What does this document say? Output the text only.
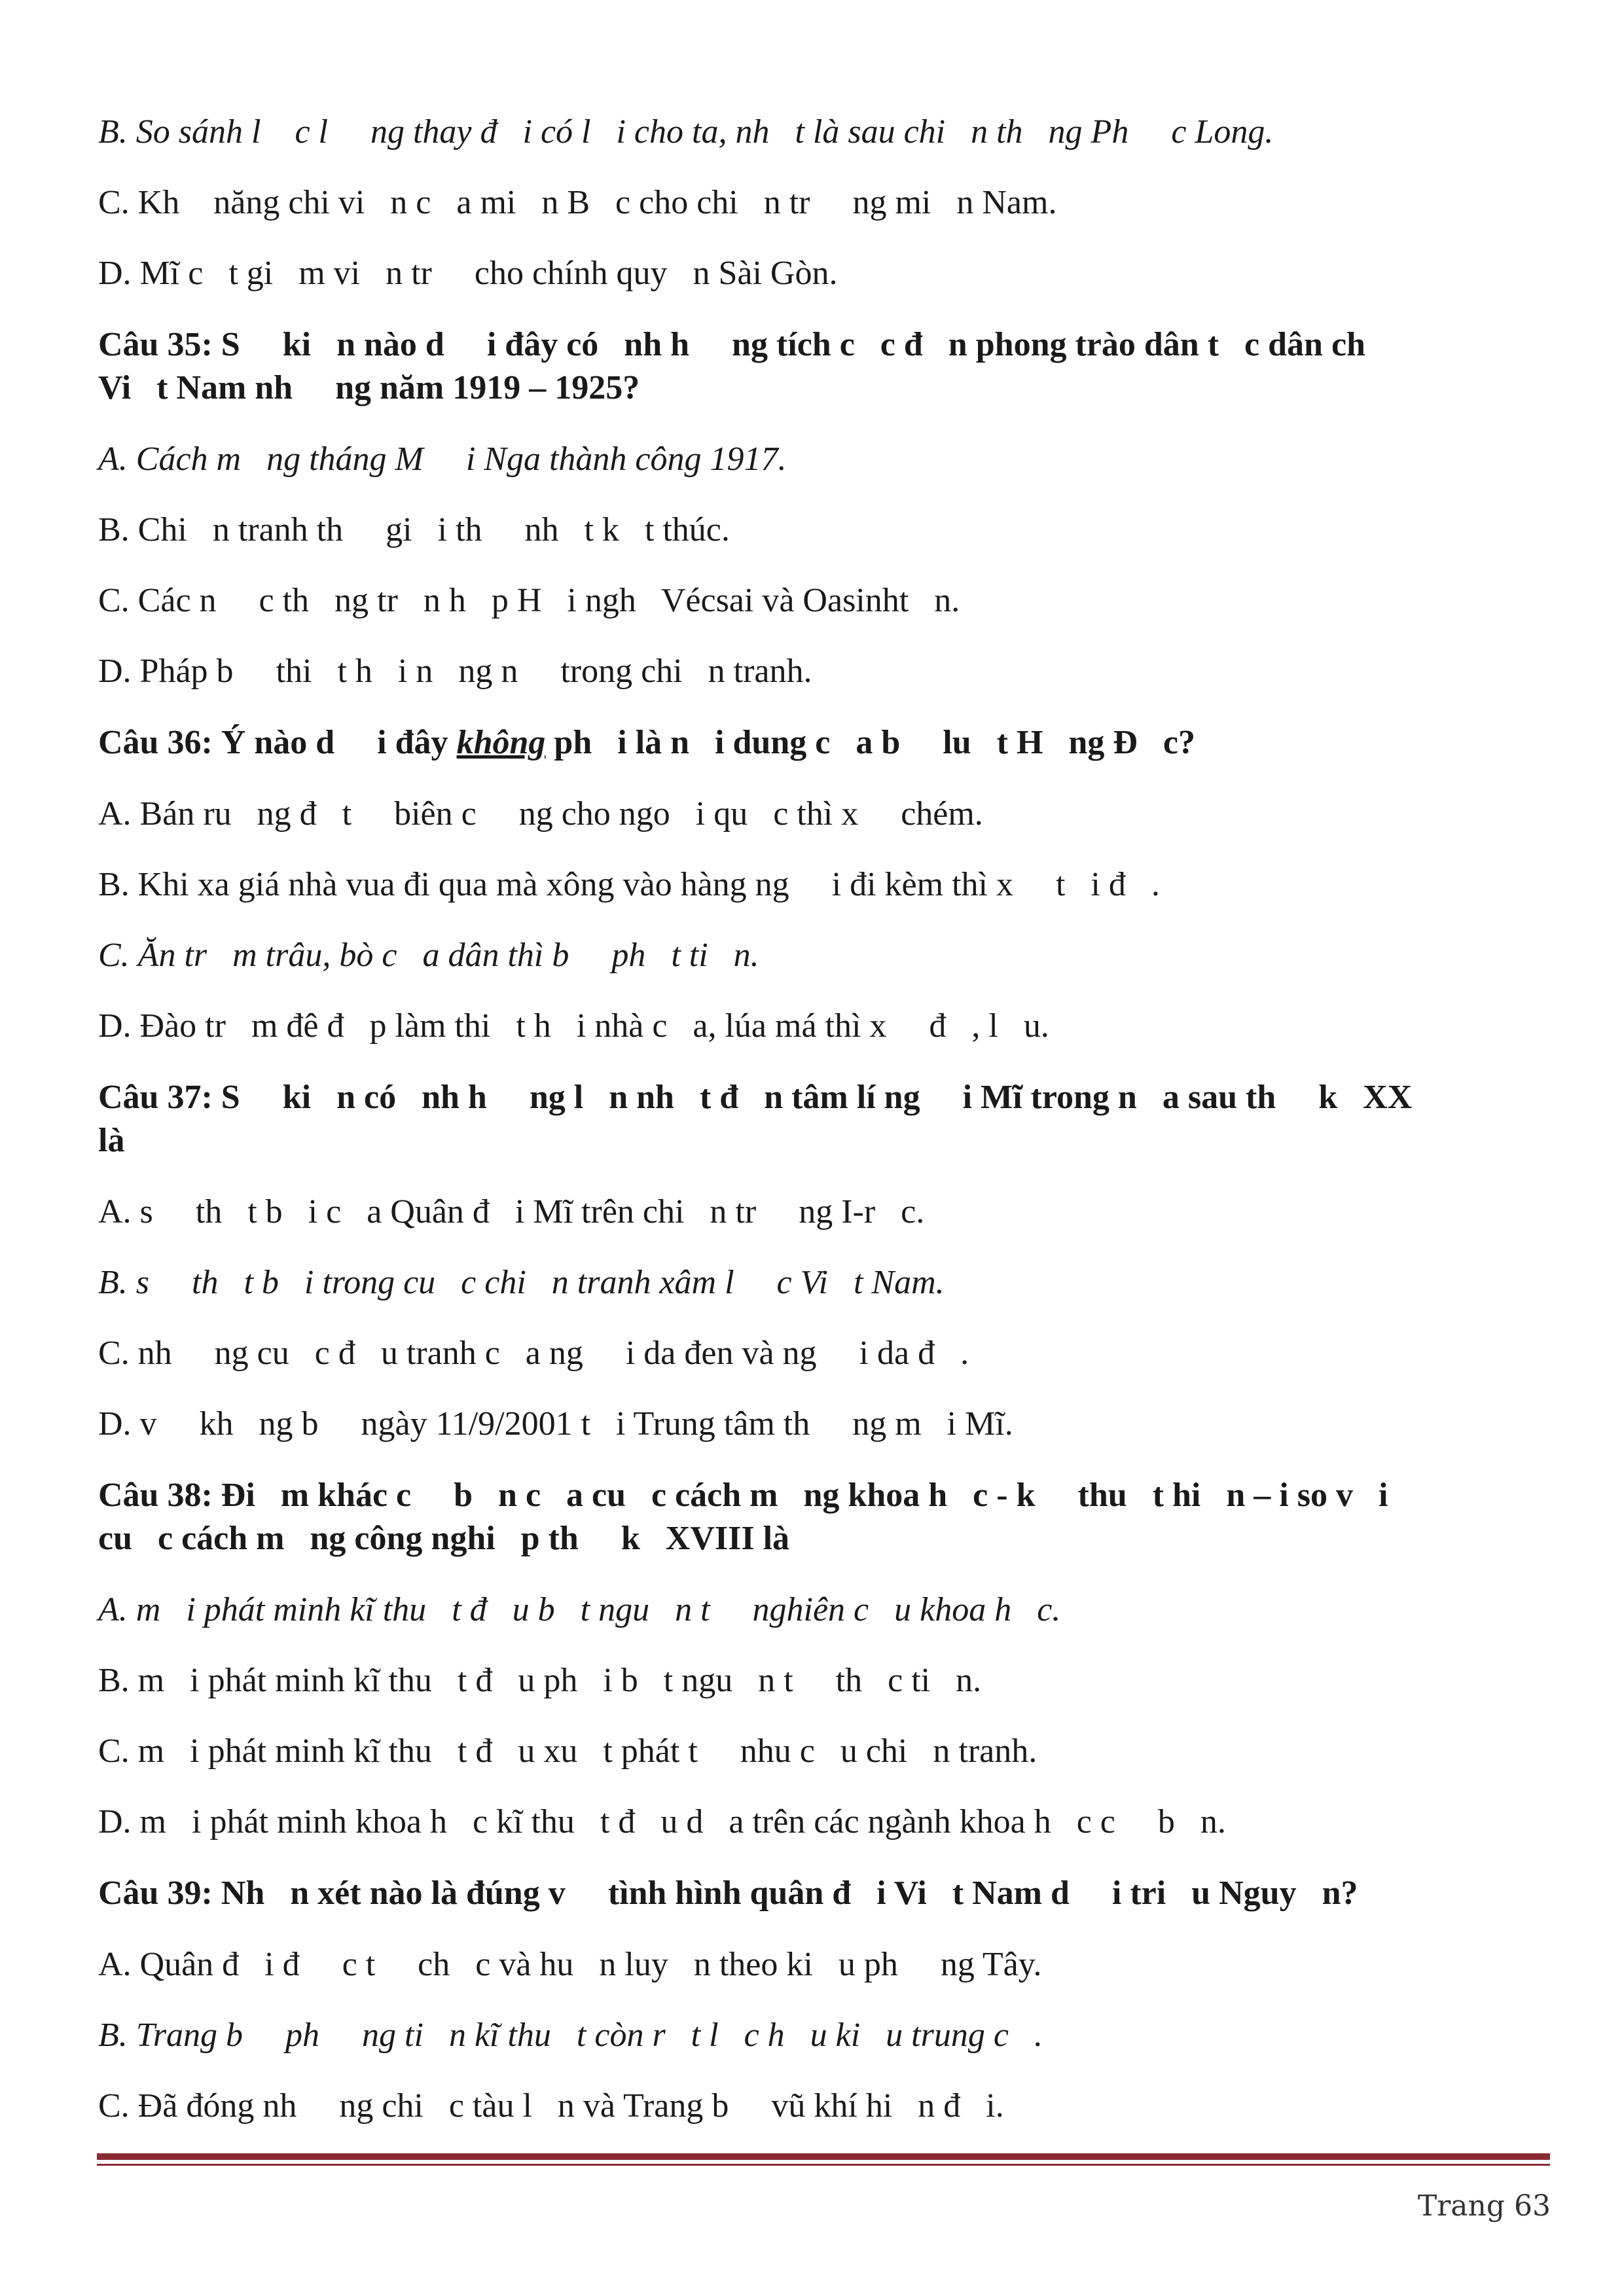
B. So sánh l    c l     ng thay đ   i có l   i cho ta, nh   t là sau chi   n th   ng Ph     c Long.
C. Kh    năng chi vi   n c   a mi   n B   c cho chi   n tr     ng mi   n Nam.
D. Mĩ c   t gi   m vi   n tr     cho chính quy   n Sài Gòn.
Câu 35: S     ki   n nào d     i đây có   nh h     ng tích c   c đ   n phong trào dân t   c dân ch
Vi   t Nam nh     ng năm 1919 – 1925?
A. Cách m   ng tháng M     i Nga thành công 1917.
B. Chi   n tranh th     gi   i th     nh   t k   t thúc.
C. Các n     c th   ng tr   n h   p H   i ngh   Vécsai và Oasinht   n.
D. Pháp b     thi   t h   i n   ng n     trong chi   n tranh.
Câu 36: Ý nào d     i đây không ph   i là n   i dung c   a b     lu   t H   ng Đ   c?
A. Bán ru   ng đ   t     biên c     ng cho ngo   i qu   c thì x     chém.
B. Khi xa giá nhà vua đi qua mà xông vào hàng ng     i đi kèm thì x     t   i đ   .
C. Ăn tr   m trâu, bò c   a dân thì b     ph   t ti   n.
D. Đào tr   m đê đ   p làm thi   t h   i nhà c   a, lúa má thì x     đ   , l   u.
Câu 37: S     ki   n có   nh h     ng l   n nh   t đ   n tâm lí ng     i Mĩ trong n   a sau th     k   XX
là
A. s     th   t b   i c   a Quân đ   i Mĩ trên chi   n tr     ng I-r   c.
B. s     th   t b   i trong cu   c chi   n tranh xâm l     c Vi   t Nam.
C. nh     ng cu   c đ   u tranh c   a ng     i da đen và ng     i da đ   .
D. v     kh   ng b     ngày 11/9/2001 t   i Trung tâm th     ng m   i Mĩ.
Câu 38: Đi   m khác c     b   n c   a cu   c cách m   ng khoa h   c - k     thu   t hi   n – i so v   i
cu   c cách m   ng công nghi   p th     k   XVIII là
A. m   i phát minh kĩ thu   t đ   u b   t ngu   n t     nghiên c   u khoa h   c.
B. m   i phát minh kĩ thu   t đ   u ph   i b   t ngu   n t     th   c ti   n.
C. m   i phát minh kĩ thu   t đ   u xu   t phát t     nhu c   u chi   n tranh.
D. m   i phát minh khoa h   c kĩ thu   t đ   u d   a trên các ngành khoa h   c c     b   n.
Câu 39: Nh   n xét nào là đúng v     tình hình quân đ   i Vi   t Nam d     i tri   u Nguy   n?
A. Quân đ   i đ     c t     ch   c và hu   n luy   n theo ki   u ph     ng Tây.
B. Trang b     ph     ng ti   n kĩ thu   t còn r   t l   c h   u ki   u trung c   .
C. Đã đóng nh     ng chi   c tàu l   n và Trang b     vũ khí hi   n đ   i.
Trang 63
